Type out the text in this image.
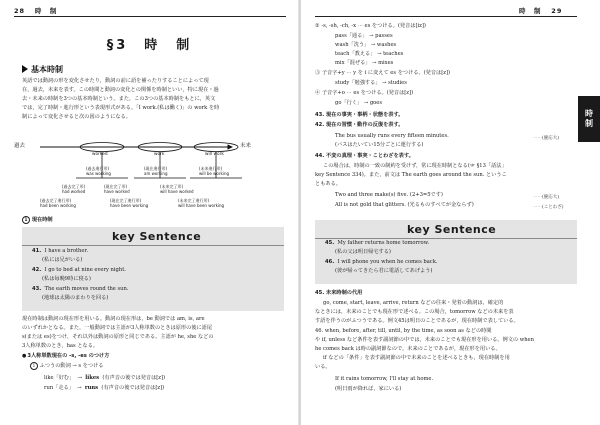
28 時　制
§3　時　制
基本時制
英語では動詞の形を変化させたり，動詞の前に語を補ったりすることによって現
在，過去，未来を表す。この時間と動詞の変化との関係を時制といい，特に現在・過
去・未来の時制を3つの基本時制という。また，この3つの基本時制をもとに，英文
では，完了時制・進行形という表現形式がある。「I work.(私は働く)」の work を時
制によって変化させると次の図のようになる。
過去	未来
worked	work	will work
(過去進行形)
was working
(現在進行形)
am working
(未来進行形)
will be working
(過去完了形)
had worked
(現在完了形)
have worked
(未来完了形)
will have worked
(過去完了進行形)
had been working
(現在完了進行形)
have been working
(未来完了進行形)
will have been working
1 現在時制
key Sentence
41. I have a brother.
(私には兄がいる)
42. I go to bed at nine every night.
(私は毎晩9時に寝る)
43. The earth moves round the sun.
(地球は太陽のまわりを回る)
現在時制は動詞の現在形を用いる。動詞の現在形は，be 動詞では am, is, are
のいずれかとなる。また，一般動詞では主語が3人称単数のときは原形の後に語尾
s(または es)をつけ，それ以外は動詞の原形と同じである。主語が he, she などの
3人称単数のとき，has となる。
●3人称単数現在の -s, -es のつけ方
1 ふつうの動詞 → s をつける
like「好む」 → likes (有声音の後では発音は[z])
run「走る」 → runs (有声音の後では発音は[z])
時　制 29
時制
② -s, -sh, -ch, -x ⋯ es をつける。(発音は[iz])
pass「通る」 → passes
wash「洗う」 → washes
teach「教える」 → teaches
mix「混ぜる」 → mixes
③ 子音字+y ⋯ y を i に変えて es をつける。(発音は[z])
study「勉強する」 → studies
④ 子音字+o ⋯ es をつける。(発音は[z])
go「行く」 → goes
43. 現在の事実・事柄・状態を表す。
42. 現在の習慣・動作の反復を表す。
The bus usually runs every fifteen minutes.	⋯⋯(慶応大)
(バスはたいてい15分ごとに運行する)
44. 不変の真理・事実・ことわざを表す。
この場合は，時制の一致の制約を受けず，常に現在時制となる(☞ §13「話法」
key Sentence 334)。また，前文は The earth goes around the sun. というこ
ともある。
Two and three make(s) five. (2+3=5です)	⋯⋯(慶応大)
All is not gold that glitters. (光るものすべてが金ならず)	⋯⋯(ことわざ)
key Sentence
45. My father returns home tomorrow.
(私の父は明日帰宅する)
46. I will phone you when he comes back.
(彼が帰ってきたら君に電話してあげよう)
45. 未来時制の代用
go, come, start, leave, arrive, return などの往来・発着の動詞は，確定的
なときには，未来のことでも現在形で述べる。この場合，tomorrow などの未来を表
す語を伴うのがふつうである。例文45は明日のことであるが，現在時制で表している。
46. when, before, after, till, until, by the time, as soon as などの時間
や if, unless など条件を表す副詞節の中では，未来のことでも現在形を用いる。例文の when
he comes back は時の副詞節なので，未来のことであるが，現在形を用いる。
if などの「条件」を表す副詞節の中で未来のことを述べるときも，現在時制を用
いる。
If it rains tomorrow, I'll stay at home.
(明日雨が降れば，家にいる)
